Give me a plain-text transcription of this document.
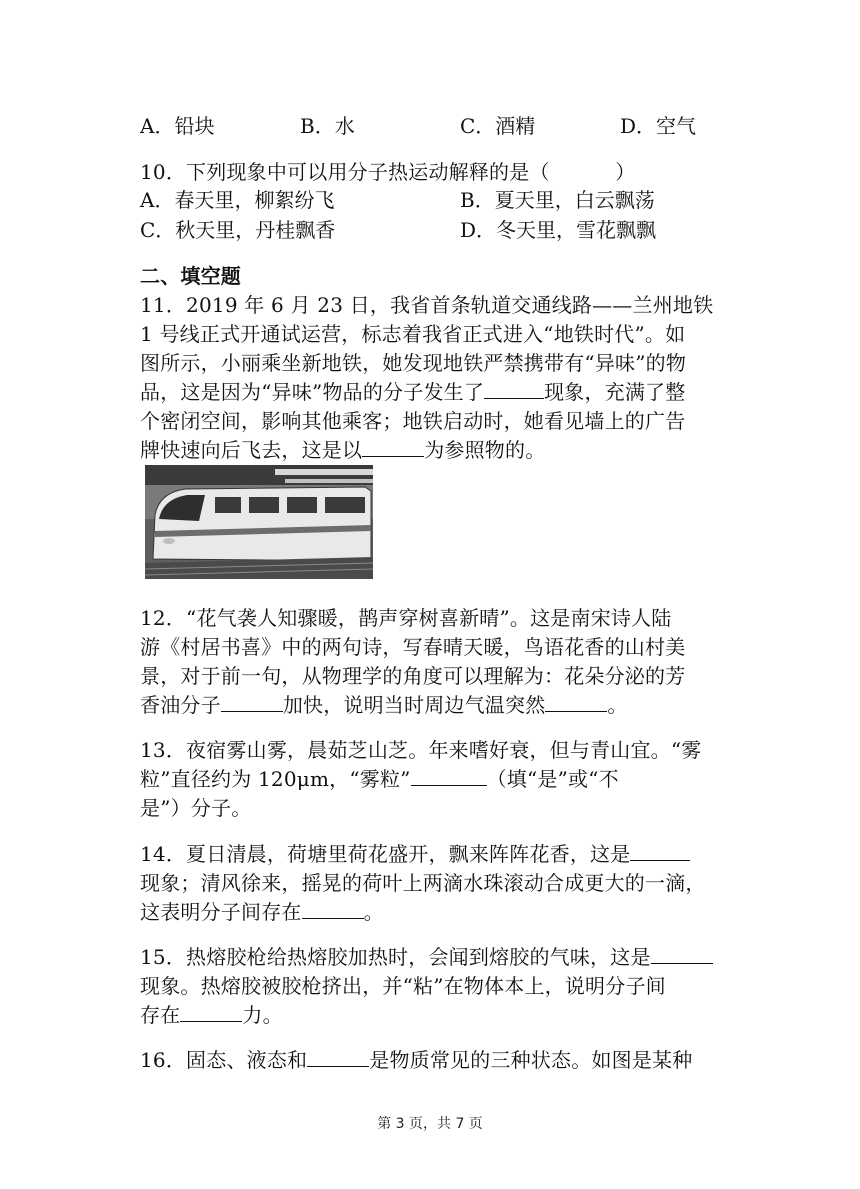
A．铅块	B．水	C．酒精	D．空气
10．下列现象中可以用分子热运动解释的是（          ）
A．春天里，柳絮纷飞	B．夏天里，白云飘荡
C．秋天里，丹桂飘香	D．冬天里，雪花飘飘
二、填空题
11．2019 年 6 月 23 日，我省首条轨道交通线路——兰州地铁
1 号线正式开通试运营，标志着我省正式进入“地铁时代”。如
图所示，小丽乘坐新地铁，她发现地铁严禁携带有“异味”的物
品，这是因为“异味”物品的分子发生了	现象，充满了整
个密闭空间，影响其他乘客；地铁启动时，她看见墙上的广告
牌快速向后飞去，这是以	为参照物的。
12．“花气袭人知骤暖，鹊声穿树喜新晴”。这是南宋诗人陆
游《村居书喜》中的两句诗，写春晴天暖，鸟语花香的山村美
景，对于前一句，从物理学的角度可以理解为：花朵分泌的芳
香油分子	加快，说明当时周边气温突然	。
13．夜宿雾山雾，晨茹芝山芝。年来嗜好衰，但与青山宜。“雾
粒”直径约为 120μm，“雾粒”	（填“是”或“不
是”）分子。
14．夏日清晨，荷塘里荷花盛开，飘来阵阵花香，这是
现象；清风徐来，摇晃的荷叶上两滴水珠滚动合成更大的一滴，
这表明分子间存在	。
15．热熔胶枪给热熔胶加热时，会闻到熔胶的气味，这是
现象。热熔胶被胶枪挤出，并“粘”在物体本上，说明分子间
存在	力。
16．固态、液态和	是物质常见的三种状态。如图是某种
第 3 页，共 7 页
